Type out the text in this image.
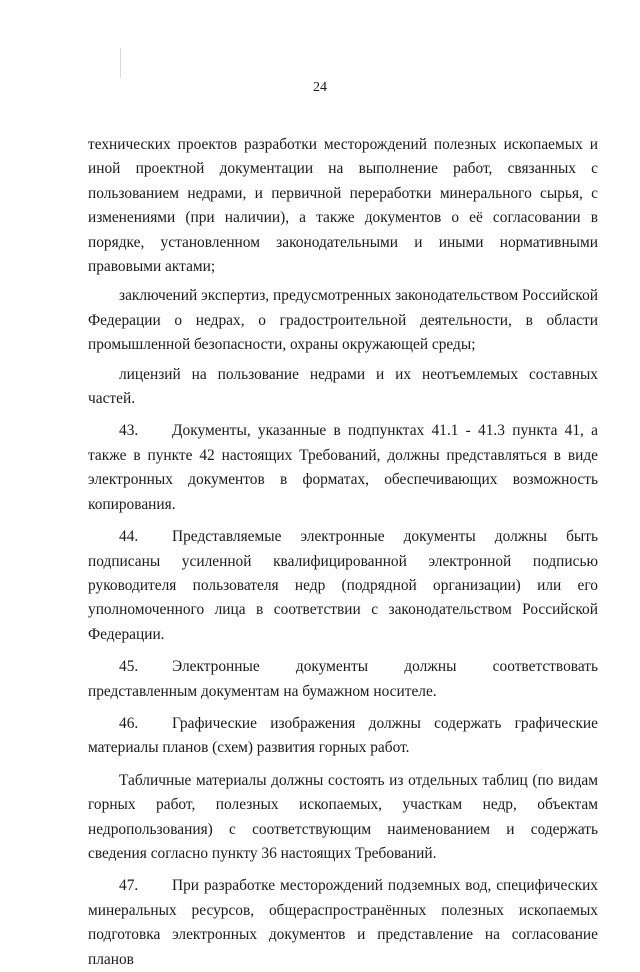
24

технических проектов разработки месторождений полезных ископаемых и иной проектной документации на выполнение работ, связанных с пользованием недрами, и первичной переработки минерального сырья, с изменениями (при наличии), а также документов о её согласовании в порядке, установленном законодательными и иными нормативными правовыми актами;

заключений экспертиз, предусмотренных законодательством Российской Федерации о недрах, о градостроительной деятельности, в области промышленной безопасности, охраны окружающей среды;

лицензий на пользование недрами и их неотъемлемых составных частей.

43. Документы, указанные в подпунктах 41.1 - 41.3 пункта 41, а также в пункте 42 настоящих Требований, должны представляться в виде электронных документов в форматах, обеспечивающих возможность копирования.

44. Представляемые электронные документы должны быть подписаны усиленной квалифицированной электронной подписью руководителя пользователя недр (подрядной организации) или его уполномоченного лица в соответствии с законодательством Российской Федерации.

45. Электронные документы должны соответствовать представленным документам на бумажном носителе.

46. Графические изображения должны содержать графические материалы планов (схем) развития горных работ.

Табличные материалы должны состоять из отдельных таблиц (по видам горных работ, полезных ископаемых, участкам недр, объектам недропользования) с соответствующим наименованием и содержать сведения согласно пункту 36 настоящих Требований.

47. При разработке месторождений подземных вод, специфических минеральных ресурсов, общераспространённых полезных ископаемых подготовка электронных документов и представление на согласование планов
